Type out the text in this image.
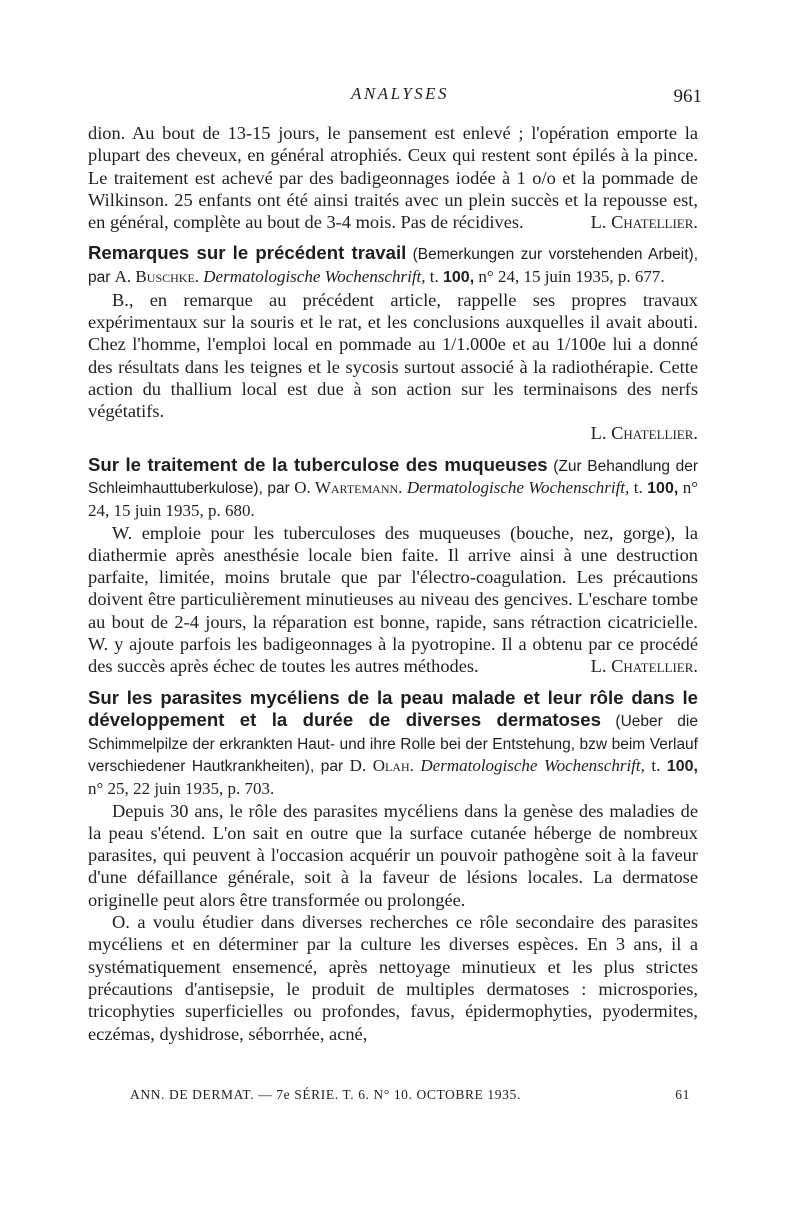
ANALYSES	961

dion. Au bout de 13-15 jours, le pansement est enlevé ; l'opération emporte la plupart des cheveux, en général atrophiés. Ceux qui restent sont épilés à la pince. Le traitement est achevé par des badigeonnages iodée à 1 o/o et la pommade de Wilkinson. 25 enfants ont été ainsi traités avec un plein succès et la repousse est, en général, complète au bout de 3-4 mois. Pas de récidives.	L. Chatellier.

Remarques sur le précédent travail (Bemerkungen zur vorstehenden Arbeit), par A. Buschke. Dermatologische Wochenschrift, t. 100, n° 24, 15 juin 1935, p. 677.

B., en remarque au précédent article, rappelle ses propres travaux expérimentaux sur la souris et le rat, et les conclusions auxquelles il avait abouti. Chez l'homme, l'emploi local en pommade au 1/1.000e et au 1/100e lui a donné des résultats dans les teignes et le sycosis surtout associé à la radiothérapie. Cette action du thallium local est due à son action sur les terminaisons des nerfs végétatifs.

L. Chatellier.
Sur le traitement de la tuberculose des muqueuses (Zur Behandlung der Schleimhauttuberkulose), par O. Wartemann. Dermatologische Wochenschrift, t. 100, n° 24, 15 juin 1935, p. 680.

W. emploie pour les tuberculoses des muqueuses (bouche, nez, gorge), la diathermie après anesthésie locale bien faite. Il arrive ainsi à une destruction parfaite, limitée, moins brutale que par l'électro-coagulation. Les précautions doivent être particulièrement minutieuses au niveau des gencives. L'eschare tombe au bout de 2-4 jours, la réparation est bonne, rapide, sans rétraction cicatricielle. W. y ajoute parfois les badigeonnages à la pyotropine. Il a obtenu par ce procédé des succès après échec de toutes les autres méthodes.	L. Chatellier.

Sur les parasites mycéliens de la peau malade et leur rôle dans le développement et la durée de diverses dermatoses (Ueber die Schimmelpilze der erkrankten Haut- und ihre Rolle bei der Entstehung, bzw beim Verlauf verschiedener Hautkrankheiten), par D. Olah. Dermatologische Wochenschrift, t. 100, n° 25, 22 juin 1935, p. 703.

Depuis 30 ans, le rôle des parasites mycéliens dans la genèse des maladies de la peau s'étend. L'on sait en outre que la surface cutanée héberge de nombreux parasites, qui peuvent à l'occasion acquérir un pouvoir pathogène soit à la faveur d'une défaillance générale, soit à la faveur de lésions locales. La dermatose originelle peut alors être transformée ou prolongée.

O. a voulu étudier dans diverses recherches ce rôle secondaire des parasites mycéliens et en déterminer par la culture les diverses espèces. En 3 ans, il a systématiquement ensemencé, après nettoyage minutieux et les plus strictes précautions d'antisepsie, le produit de multiples dermatoses : microspories, tricophyties superficielles ou profondes, favus, épidermophyties, pyodermites, eczémas, dyshidrose, séborrhée, acné,

ANN. DE DERMAT. — 7e SÉRIE. T. 6. N° 10. OCTOBRE 1935.	61
